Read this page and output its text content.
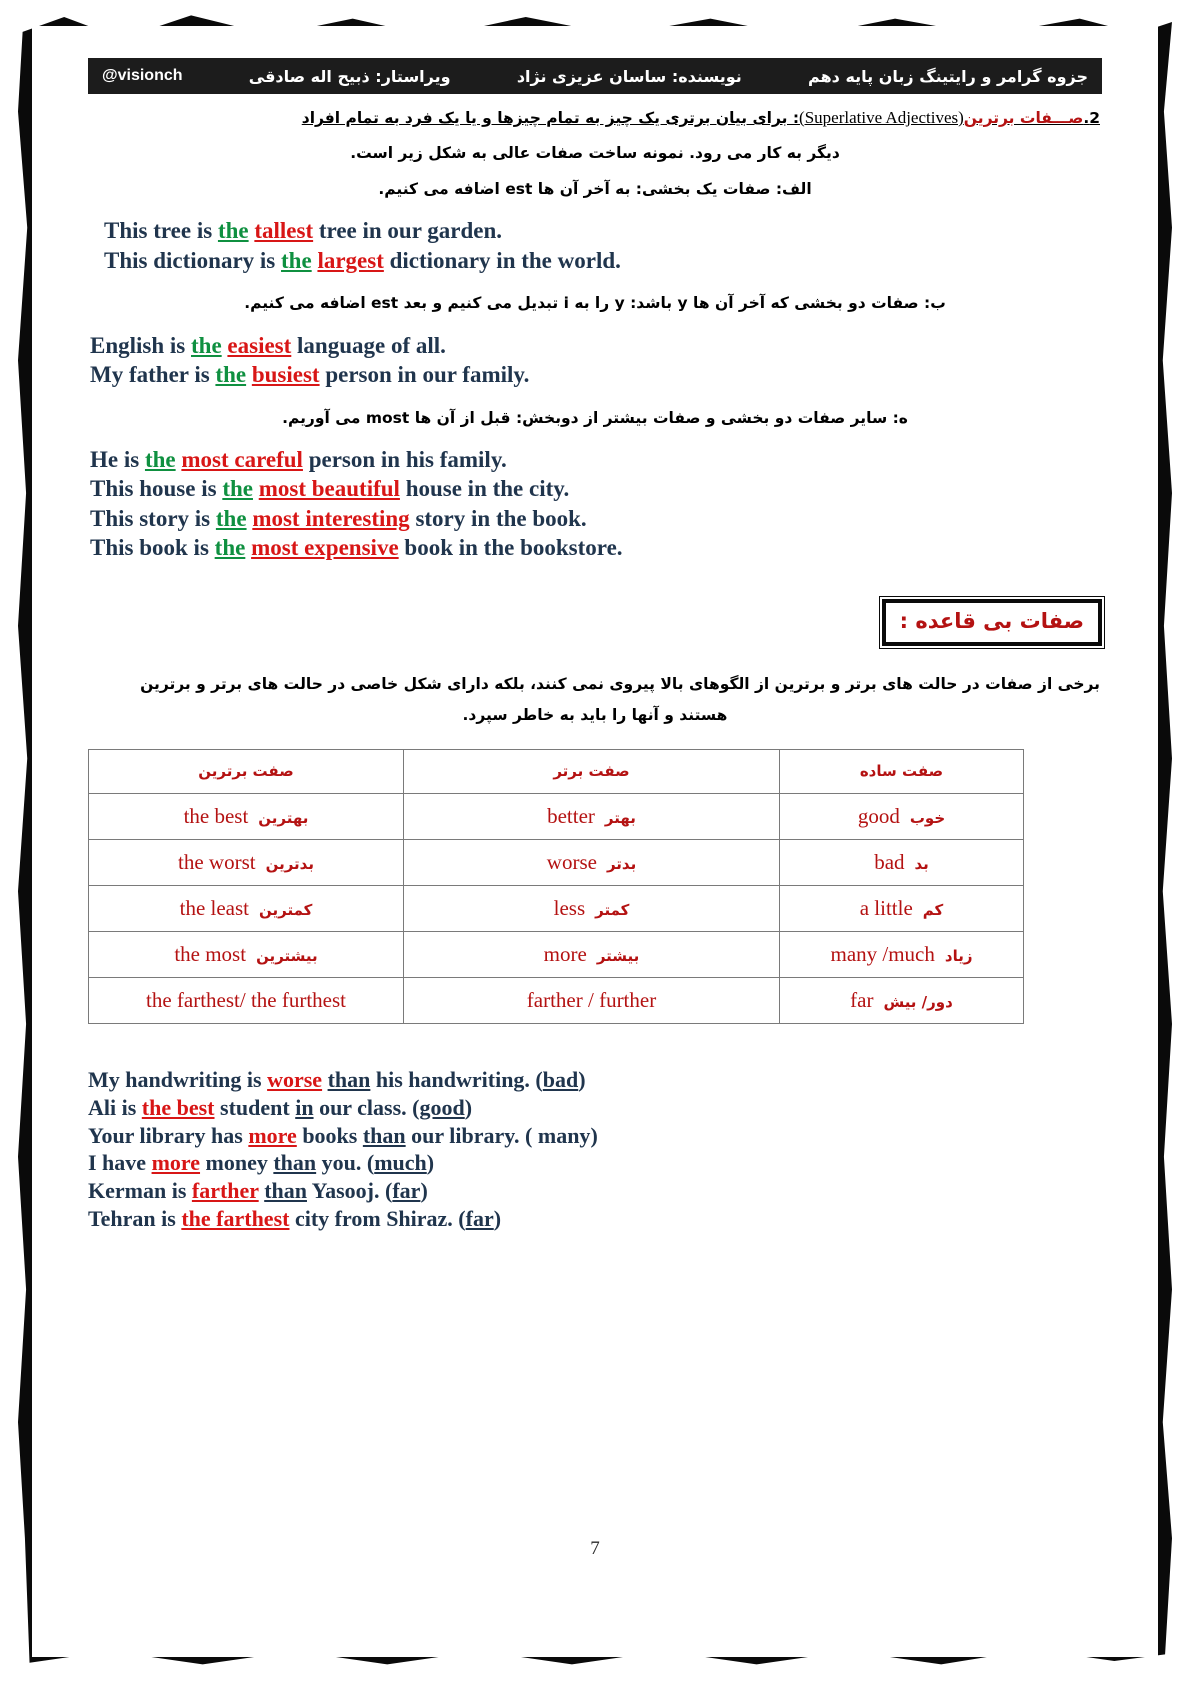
جزوه گرامر و رایتینگ زبان پایه دهم
نویسنده: ساسان عزیزی نژاد
ویراستار: ذبیح اله صادقی
@visionch
2.صـــفات برترین(Superlative Adjectives): برای بیان برتری یک چیز به تمام چیزها و یا یک فرد به تمام افراد
دیگر به کار می رود. نمونه ساخت صفات عالی به شکل زیر است.
الف: صفات یک بخشی: به آخر آن ها est اضافه می کنیم.
This tree is the tallest tree in our garden.
This dictionary is the largest dictionary in the world.
ب: صفات دو بخشی که آخر آن ها y باشد: y را به i تبدیل می کنیم و بعد est اضافه می کنیم.
English is the easiest language of all.
My father is the busiest person in our family.
ه: سایر صفات دو بخشی و صفات بیشتر از دوبخش: قبل از آن ها most می آوریم.
He is the most careful person in his family.
This house is the most beautiful house in the city.
This story is the most interesting story in the book.
This book is the most expensive book in the bookstore.
صفات بی قاعده :
برخی از صفات در حالت های برتر و برترین از الگوهای بالا پیروی نمی کنند، بلکه دارای شکل خاصی در حالت های برتر و برترین
هستند و آنها را باید به خاطر سپرد.
صفت ساده	صفت برتر	صفت برترین
خوبgood	بهترbetter	بهترینthe best
بدbad	بدترworse	بدترینthe worst
کمa little	کمترless	کمترینthe least
زیادmany /much	بیشترmore	بیشترینthe most
دور/ بیشfar	farther / further	the farthest/ the furthest
My handwriting is worse than his handwriting. (bad)
Ali is the best student in our class. (good)
Your library has more books than our library. ( many)
I have more money than you. (much)
Kerman is farther than Yasooj. (far)
Tehran is the farthest city from Shiraz. (far)
7
